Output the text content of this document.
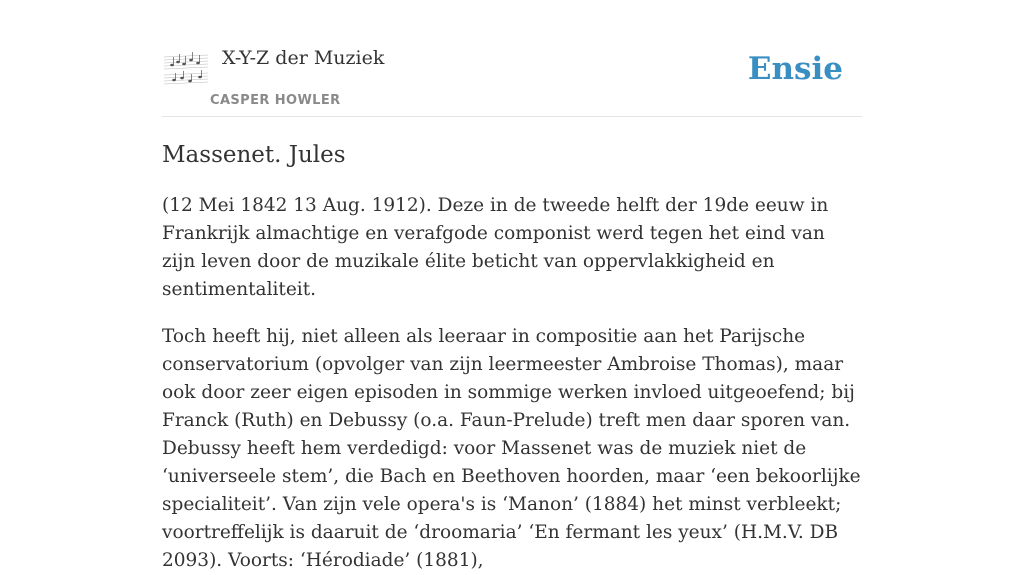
X-Y-Z der Muziek
CASPER HOWLER
Ensie
Massenet. Jules

(12 Mei 1842 13 Aug. 1912). Deze in de tweede helft der 19de eeuw in Frankrijk almachtige en verafgode componist werd tegen het eind van zijn leven door de muzikale élite beticht van oppervlakkigheid en sentimentaliteit.

Toch heeft hij, niet alleen als leeraar in compositie aan het Parijsche conservatorium (opvolger van zijn leermeester Ambroise Thomas), maar ook door zeer eigen episoden in sommige werken invloed uitgeoefend; bij Franck (Ruth) en Debussy (o.a. Faun-Prelude) treft men daar sporen van. Debussy heeft hem verdedigd: voor Massenet was de muziek niet de ‘universeele stem’, die Bach en Beethoven hoorden, maar ‘een bekoorlijke specialiteit’. Van zijn vele opera's is ‘Manon’ (1884) het minst verbleekt; voortreffelijk is daaruit de ‘droomaria’ ‘En fermant les yeux’ (H.M.V. DB 2093). Voorts: ‘Hérodiade’ (1881),
